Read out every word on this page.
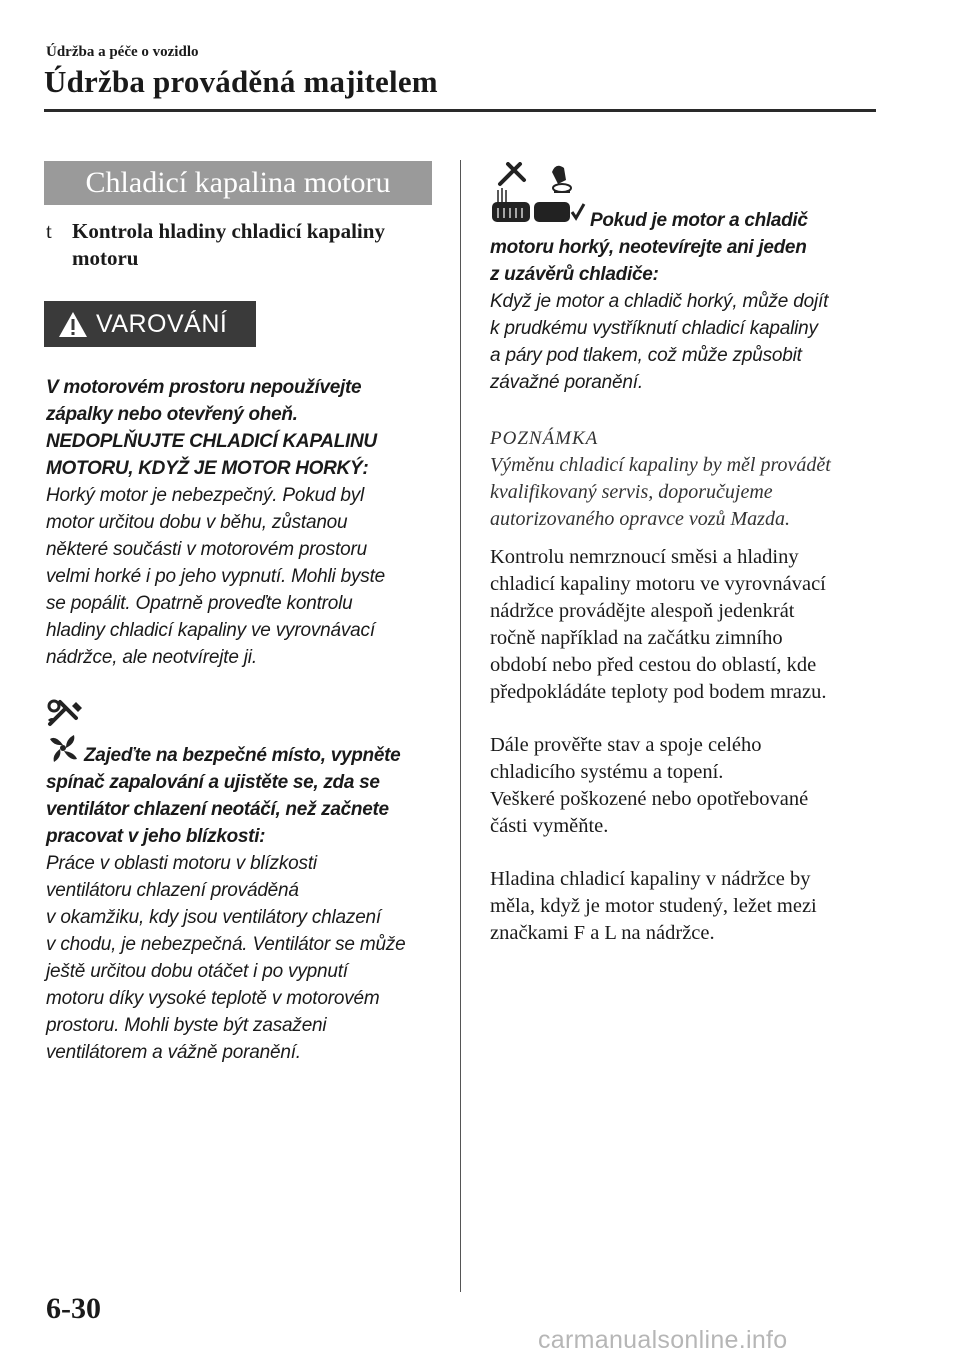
Údržba a péče o vozidlo
Údržba prováděná majitelem
Chladicí kapalina motoru
t Kontrola hladiny chladicí kapaliny
motoru
VAROVÁNÍ
V motorovém prostoru nepoužívejte
zápalky nebo otevřený oheň.
NEDOPLŇUJTE CHLADICÍ KAPALINU
MOTORU, KDYŽ JE MOTOR HORKÝ:
Horký motor je nebezpečný. Pokud byl
motor určitou dobu v běhu, zůstanou
některé součásti v motorovém prostoru
velmi horké i po jeho vypnutí. Mohli byste
se popálit. Opatrně proveďte kontrolu
hladiny chladicí kapaliny ve vyrovnávací
nádržce, ale neotvírejte ji.
Zajeďte na bezpečné místo, vypněte
spínač zapalování a ujistěte se, zda se
ventilátor chlazení neotáčí, než začnete
pracovat v jeho blízkosti:
Práce v oblasti motoru v blízkosti
ventilátoru chlazení prováděná
v okamžiku, kdy jsou ventilátory chlazení
v chodu, je nebezpečná. Ventilátor se může
ještě určitou dobu otáčet i po vypnutí
motoru díky vysoké teplotě v motorovém
prostoru. Mohli byste být zasaženi
ventilátorem a vážně poranění.
Pokud je motor a chladič
motoru horký, neotevírejte ani jeden
z uzávěrů chladiče:
Když je motor a chladič horký, může dojít
k prudkému vystříknutí chladicí kapaliny
a páry pod tlakem, což může způsobit
závažné poranění.
POZNÁMKA
Výměnu chladicí kapaliny by měl provádět
kvalifikovaný servis, doporučujeme
autorizovaného opravce vozů Mazda.
Kontrolu nemrznoucí směsi a hladiny
chladicí kapaliny motoru ve vyrovnávací
nádržce provádějte alespoň jedenkrát
ročně například na začátku zimního
období nebo před cestou do oblastí, kde
předpokládáte teploty pod bodem mrazu.
Dále prověřte stav a spoje celého
chladicího systému a topení.
Veškeré poškozené nebo opotřebované
části vyměňte.
Hladina chladicí kapaliny v nádržce by
měla, když je motor studený, ležet mezi
značkami F a L na nádržce.
6-30
carmanualsonline.info
